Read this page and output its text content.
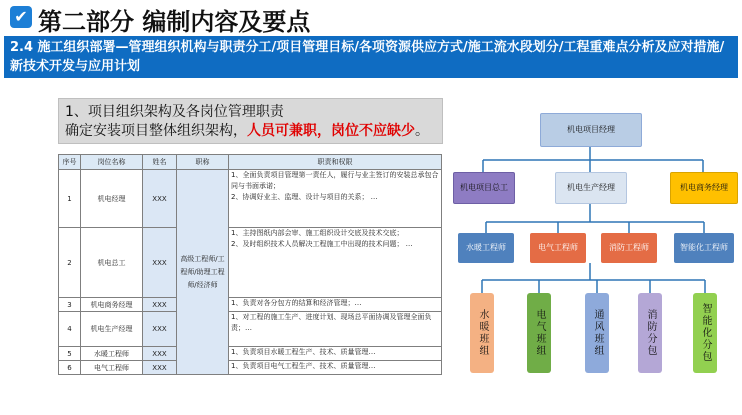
✔ 第二部分 编制内容及要点
2.4 施工组织部署—管理组织机构与职责分工/项目管理目标/各项资源供应方式/施工流水段划分/工程重难点分析及应对措施/新技术开发与应用计划
1、项目组织架构及各岗位管理职责
确定安装项目整体组织架构，人员可兼职，岗位不应缺少。
序号	岗位名称	姓名	职称	职责和权限
1	机电经理	XXX	高级工程师/工程师/助理工程师/经济师	1、全面负责项目管理第一责任人，履行与业主签订的安装总承包合同与书面承诺；
2、协调好业主、监理、设计与项目的关系； …
2	机电总工	XXX		1、主持图纸内部会审、施工组织设计交底及技术交底；
2、及时组织技术人员解决工程施工中出现的技术问题； …
3	机电商务经理	XXX		1、负责对各分包方的结算和经济管理；…
4	机电生产经理	XXX		1、对工程的施工生产、进度计划、现场总平面协调及管理全面负责；…
5	水暖工程师	XXX		1、负责项目水暖工程生产、技术、质量管理…
6	电气工程师	XXX		1、负责项目电气工程生产、技术、质量管理…
机电项目经理
机电项目总工	机电生产经理	机电商务经理
水暖工程师	电气工程师	消防工程师	智能化工程师
水暖班组	电气班组	通风班组	消防分包	智能化分包
